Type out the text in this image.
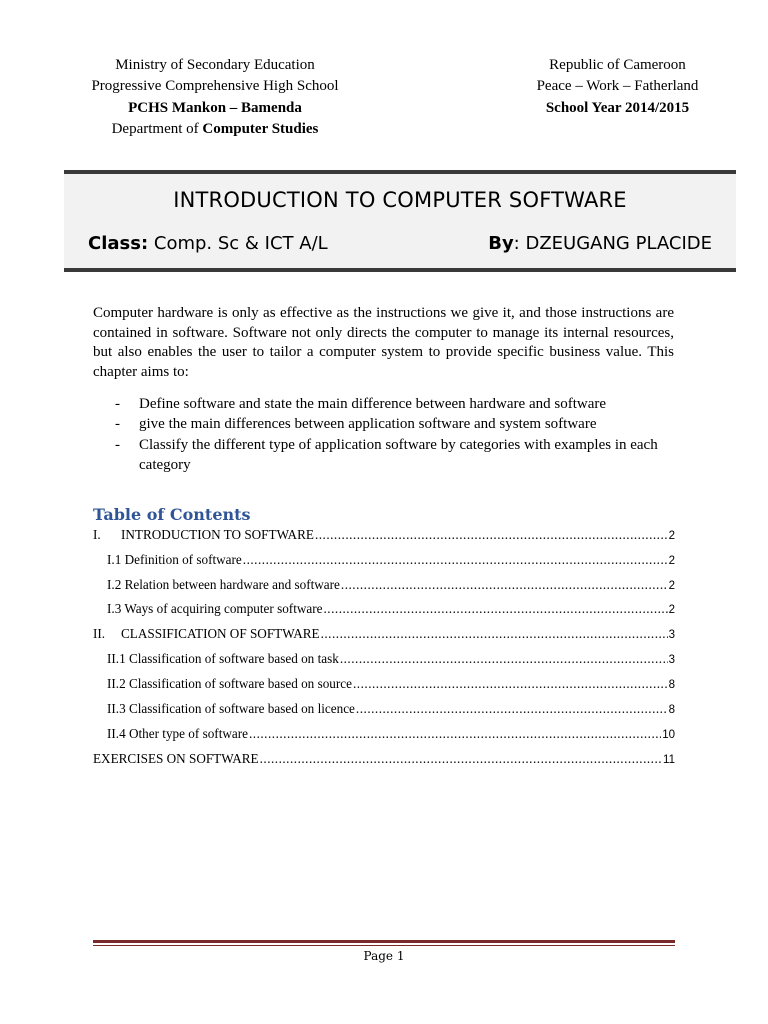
Ministry of Secondary Education
Progressive Comprehensive High School
PCHS Mankon – Bamenda
Department of Computer Studies
Republic of Cameroon
Peace – Work – Fatherland
School Year 2014/2015
INTRODUCTION TO COMPUTER SOFTWARE
Class: Comp. Sc & ICT A/L	By: DZEUGANG PLACIDE
Computer hardware is only as effective as the instructions we give it, and those instructions are contained in software. Software not only directs the computer to manage its internal resources, but also enables the user to tailor a computer system to provide specific business value. This chapter aims to:
- Define software and state the main difference between hardware and software
- give the main differences between application software and system software
- Classify the different type of application software by categories with examples in each category
Table of Contents
I.	INTRODUCTION TO SOFTWARE .....	2
I.1 Definition of software .....	2
I.2 Relation between hardware and software .....	2
I.3 Ways of acquiring computer software .....	2
II.	CLASSIFICATION OF SOFTWARE .....	3
II.1 Classification of software based on task .....	3
II.2 Classification of software based on source .....	8
II.3 Classification of software based on licence .....	8
II.4 Other type of software .....	10
EXERCISES ON SOFTWARE .....	11
Page 1
